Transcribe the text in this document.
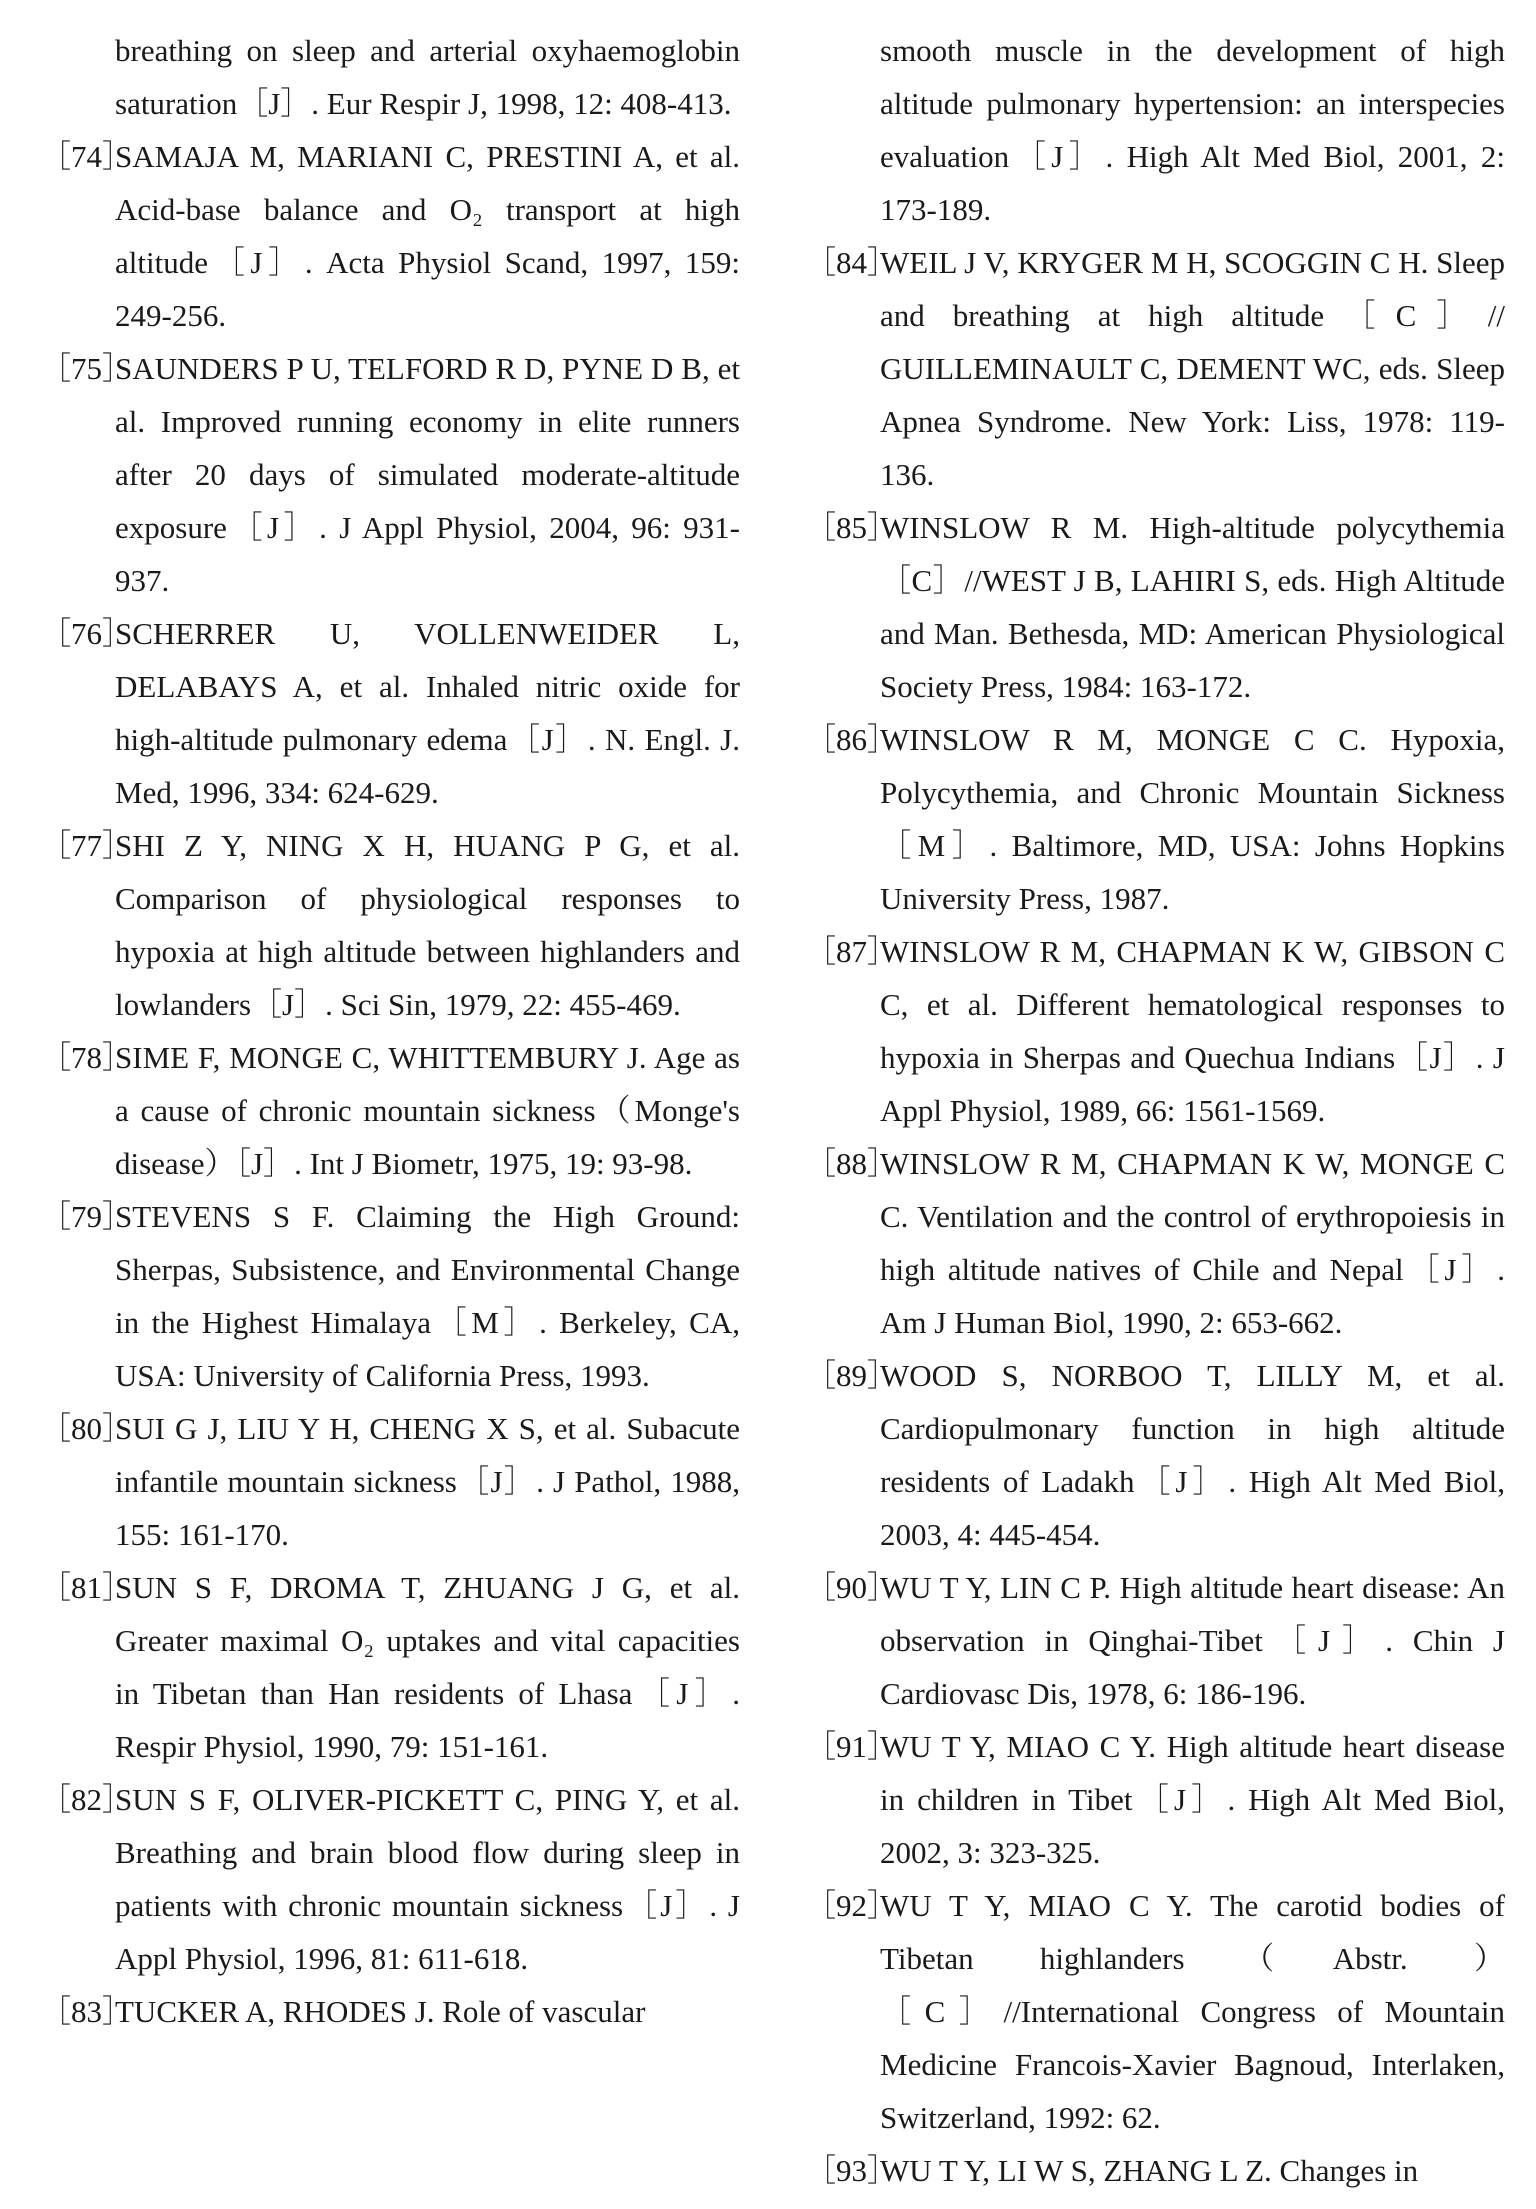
breathing on sleep and arterial oxyhaemoglobin saturation［J］. Eur Respir J, 1998, 12: 408-413.
［74］
SAMAJA M, MARIANI C, PRESTINI A, et al. Acid-base balance and O₂ transport at high altitude［J］. Acta Physiol Scand, 1997, 159: 249-256.
［75］
SAUNDERS P U, TELFORD R D, PYNE D B, et al. Improved running economy in elite runners after 20 days of simulated moderate-altitude exposure［J］. J Appl Physiol, 2004, 96: 931-937.
［76］
SCHERRER U, VOLLENWEIDER L, DELABAYS A, et al. Inhaled nitric oxide for high-altitude pulmonary edema［J］. N. Engl. J. Med, 1996, 334: 624-629.
［77］
SHI Z Y, NING X H, HUANG P G, et al. Comparison of physiological responses to hypoxia at high altitude between highlanders and lowlanders［J］. Sci Sin, 1979, 22: 455-469.
［78］
SIME F, MONGE C, WHITTEMBURY J. Age as a cause of chronic mountain sickness（Monge's disease）［J］. Int J Biometr, 1975, 19: 93-98.
［79］
STEVENS S F. Claiming the High Ground: Sherpas, Subsistence, and Environmental Change in the Highest Himalaya［M］. Berkeley, CA, USA: University of California Press, 1993.
［80］
SUI G J, LIU Y H, CHENG X S, et al. Subacute infantile mountain sickness［J］. J Pathol, 1988, 155: 161-170.
［81］
SUN S F, DROMA T, ZHUANG J G, et al. Greater maximal O₂ uptakes and vital capacities in Tibetan than Han residents of Lhasa［J］. Respir Physiol, 1990, 79: 151-161.
［82］
SUN S F, OLIVER-PICKETT C, PING Y, et al. Breathing and brain blood flow during sleep in patients with chronic mountain sickness［J］. J Appl Physiol, 1996, 81: 611-618.
［83］
TUCKER A, RHODES J. Role of vascular
smooth muscle in the development of high altitude pulmonary hypertension: an interspecies evaluation［J］. High Alt Med Biol, 2001, 2: 173-189.
［84］
WEIL J V, KRYGER M H, SCOGGIN C H. Sleep and breathing at high altitude［C］// GUILLEMINAULT C, DEMENT WC, eds. Sleep Apnea Syndrome. New York: Liss, 1978: 119-136.
［85］
WINSLOW R M. High-altitude polycythemia［C］//WEST J B, LAHIRI S, eds. High Altitude and Man. Bethesda, MD: American Physiological Society Press, 1984: 163-172.
［86］
WINSLOW R M, MONGE C C. Hypoxia, Polycythemia, and Chronic Mountain Sickness［M］. Baltimore, MD, USA: Johns Hopkins University Press, 1987.
［87］
WINSLOW R M, CHAPMAN K W, GIBSON C C, et al. Different hematological responses to hypoxia in Sherpas and Quechua Indians［J］. J Appl Physiol, 1989, 66: 1561-1569.
［88］
WINSLOW R M, CHAPMAN K W, MONGE C C. Ventilation and the control of erythropoiesis in high altitude natives of Chile and Nepal［J］. Am J Human Biol, 1990, 2: 653-662.
［89］
WOOD S, NORBOO T, LILLY M, et al. Cardiopulmonary function in high altitude residents of Ladakh［J］. High Alt Med Biol, 2003, 4: 445-454.
［90］
WU T Y, LIN C P. High altitude heart disease: An observation in Qinghai-Tibet［J］. Chin J Cardiovasc Dis, 1978, 6: 186-196.
［91］
WU T Y, MIAO C Y. High altitude heart disease in children in Tibet［J］. High Alt Med Biol, 2002, 3: 323-325.
［92］
WU T Y, MIAO C Y. The carotid bodies of Tibetan highlanders（Abstr. ）［C］//International Congress of Mountain Medicine Francois-Xavier Bagnoud, Interlaken, Switzerland, 1992: 62.
［93］
WU T Y, LI W S, ZHANG L Z. Changes in
